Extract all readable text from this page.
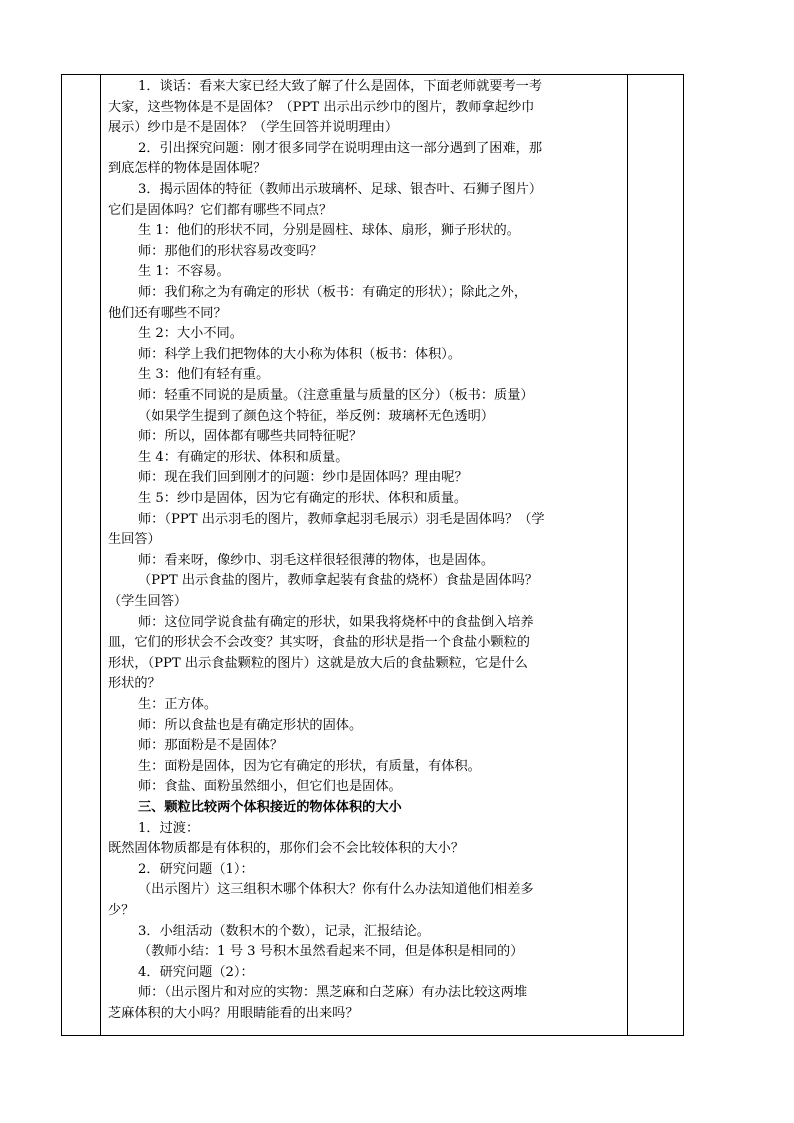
1．谈话：看来大家已经大致了解了什么是固体，下面老师就要考一考
大家，这些物体是不是固体？（PPT 出示出示纱巾的图片，教师拿起纱巾
展示）纱巾是不是固体？（学生回答并说明理由）
2．引出探究问题：刚才很多同学在说明理由这一部分遇到了困难，那
到底怎样的物体是固体呢？
3．揭示固体的特征（教师出示玻璃杯、足球、银杏叶、石狮子图片）
它们是固体吗？它们都有哪些不同点？
生 1：他们的形状不同，分别是圆柱、球体、扇形，狮子形状的。
师：那他们的形状容易改变吗？
生 1：不容易。
师：我们称之为有确定的形状（板书：有确定的形状）；除此之外，
他们还有哪些不同？
生 2：大小不同。
师：科学上我们把物体的大小称为体积（板书：体积）。
生 3：他们有轻有重。
师：轻重不同说的是质量。（注意重量与质量的区分）（板书：质量）
（如果学生提到了颜色这个特征，举反例：玻璃杯无色透明）
师：所以，固体都有哪些共同特征呢？
生 4：有确定的形状、体积和质量。
师：现在我们回到刚才的问题：纱巾是固体吗？理由呢？
生 5：纱巾是固体，因为它有确定的形状、体积和质量。
师：（PPT 出示羽毛的图片，教师拿起羽毛展示）羽毛是固体吗？（学
生回答）
师：看来呀，像纱巾、羽毛这样很轻很薄的物体，也是固体。
（PPT 出示食盐的图片，教师拿起装有食盐的烧杯）食盐是固体吗？
（学生回答）
师：这位同学说食盐有确定的形状，如果我将烧杯中的食盐倒入培养
皿，它们的形状会不会改变？其实呀，食盐的形状是指一个食盐小颗粒的
形状，（PPT 出示食盐颗粒的图片）这就是放大后的食盐颗粒，它是什么
形状的？
生：正方体。
师：所以食盐也是有确定形状的固体。
师：那面粉是不是固体？
生：面粉是固体，因为它有确定的形状，有质量，有体积。
师：食盐、面粉虽然细小，但它们也是固体。
三、颗粒比较两个体积接近的物体体积的大小
1．过渡：
既然固体物质都是有体积的，那你们会不会比较体积的大小？
2．研究问题（1）：
（出示图片）这三组积木哪个体积大？你有什么办法知道他们相差多
少？
3．小组活动（数积木的个数），记录，汇报结论。
（教师小结：1 号 3 号积木虽然看起来不同，但是体积是相同的）
4．研究问题（2）：
师：（出示图片和对应的实物：黑芝麻和白芝麻）有办法比较这两堆
芝麻体积的大小吗？用眼睛能看的出来吗？
